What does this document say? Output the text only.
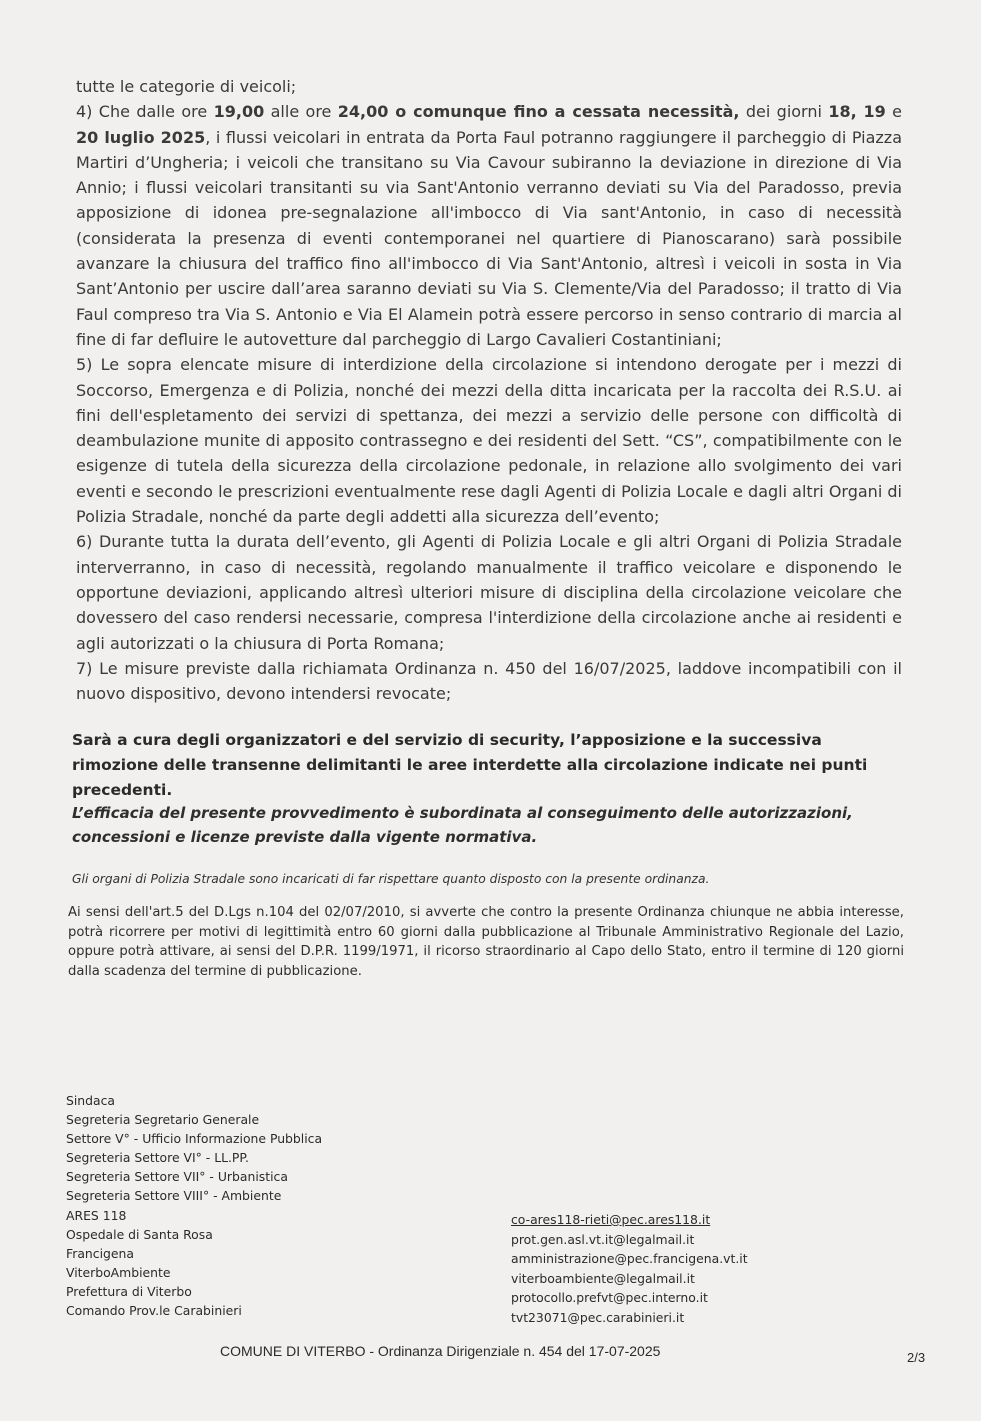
tutte le categorie di veicoli;

4) Che dalle ore 19,00 alle ore 24,00 o comunque fino a cessata necessità, dei giorni 18, 19 e 20 luglio 2025, i flussi veicolari in entrata da Porta Faul potranno raggiungere il parcheggio di Piazza Martiri d’Ungheria; i veicoli che transitano su Via Cavour subiranno la deviazione in direzione di Via Annio; i flussi veicolari transitanti su via Sant'Antonio verranno deviati su Via del Paradosso, previa apposizione di idonea pre-segnalazione all'imbocco di Via sant'Antonio, in caso di necessità (considerata la presenza di eventi contemporanei nel quartiere di Pianoscarano) sarà possibile avanzare la chiusura del traffico fino all'imbocco di Via Sant'Antonio, altresì i veicoli in sosta in Via Sant’Antonio per uscire dall’area saranno deviati su Via S. Clemente/Via del Paradosso; il tratto di Via Faul compreso tra Via S. Antonio e Via El Alamein potrà essere percorso in senso contrario di marcia al fine di far defluire le autovetture dal parcheggio di Largo Cavalieri Costantiniani;

5) Le sopra elencate misure di interdizione della circolazione si intendono derogate per i mezzi di Soccorso, Emergenza e di Polizia, nonché dei mezzi della ditta incaricata per la raccolta dei R.S.U. ai fini dell'espletamento dei servizi di spettanza, dei mezzi a servizio delle persone con difficoltà di deambulazione munite di apposito contrassegno e dei residenti del Sett. “CS”, compatibilmente con le esigenze di tutela della sicurezza della circolazione pedonale, in relazione allo svolgimento dei vari eventi e secondo le prescrizioni eventualmente rese dagli Agenti di Polizia Locale e dagli altri Organi di Polizia Stradale, nonché da parte degli addetti alla sicurezza dell’evento;

6) Durante tutta la durata dell’evento, gli Agenti di Polizia Locale e gli altri Organi di Polizia Stradale interverranno, in caso di necessità, regolando manualmente il traffico veicolare e disponendo le opportune deviazioni, applicando altresì ulteriori misure di disciplina della circolazione veicolare che dovessero del caso rendersi necessarie, compresa l'interdizione della circolazione anche ai residenti e agli autorizzati o la chiusura di Porta Romana;

7) Le misure previste dalla richiamata Ordinanza n. 450 del 16/07/2025, laddove incompatibili con il nuovo dispositivo, devono intendersi revocate;

Sarà a cura degli organizzatori e del servizio di security, l’apposizione e la successiva rimozione delle transenne delimitanti le aree interdette alla circolazione indicate nei punti precedenti.
L’efficacia del presente provvedimento è subordinata al conseguimento delle autorizzazioni, concessioni e licenze previste dalla vigente normativa.
Gli organi di Polizia Stradale sono incaricati di far rispettare quanto disposto con la presente ordinanza.
Ai sensi dell'art.5 del D.Lgs n.104 del 02/07/2010, si avverte che contro la presente Ordinanza chiunque ne abbia interesse, potrà ricorrere per motivi di legittimità entro 60 giorni dalla pubblicazione al Tribunale Amministrativo Regionale del Lazio, oppure potrà attivare, ai sensi del D.P.R. 1199/1971, il ricorso straordinario al Capo dello Stato, entro il termine di 120 giorni dalla scadenza del termine di pubblicazione.
Sindaca
Segreteria Segretario Generale
Settore V° - Ufficio Informazione Pubblica
Segreteria Settore VI° - LL.PP.
Segreteria Settore VII° - Urbanistica
Segreteria Settore VIII° - Ambiente
ARES 118
Ospedale di Santa Rosa
Francigena
ViterboAmbiente
Prefettura di Viterbo
Comando Prov.le Carabinieri
co-ares118-rieti@pec.ares118.it
prot.gen.asl.vt.it@legalmail.it
amministrazione@pec.francigena.vt.it
viterboambiente@legalmail.it
protocollo.prefvt@pec.interno.it
tvt23071@pec.carabinieri.it
COMUNE DI VITERBO - Ordinanza Dirigenziale n. 454 del 17-07-2025	2/3
